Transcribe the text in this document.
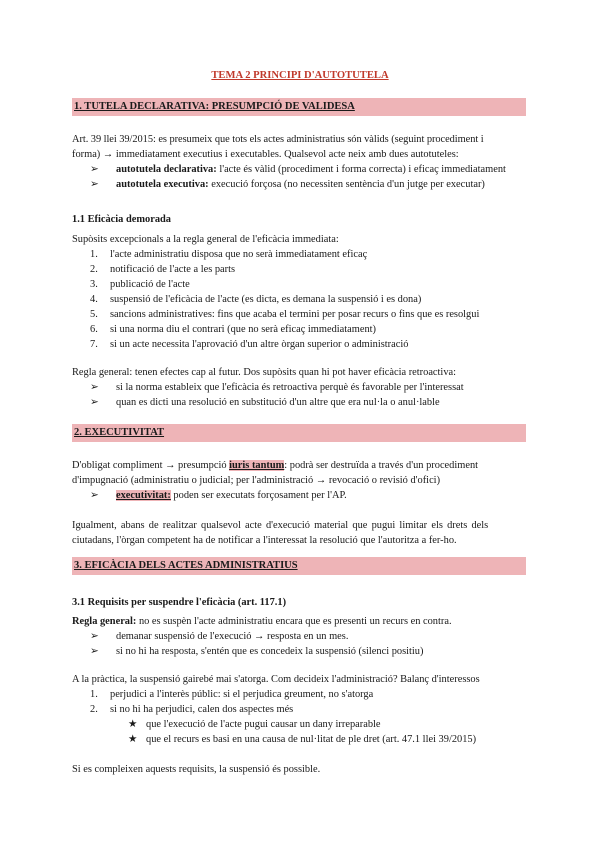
TEMA 2 PRINCIPI D'AUTOTUTELA
1. TUTELA DECLARATIVA: PRESUMPCIÓ DE VALIDESA
Art. 39 llei 39/2015: es presumeix que tots els actes administratius són vàlids (seguint procediment i
forma) → immediatament executius i executables. Qualsevol acte neix amb dues autotuteles:
➢ autotutela declarativa: l'acte és vàlid (procediment i forma correcta) i eficaç immediatament
➢ autotutela executiva: execució forçosa (no necessiten sentència d'un jutge per executar)
1.1 Eficàcia demorada
Supòsits excepcionals a la regla general de l'eficàcia immediata:
1. l'acte administratiu disposa que no serà immediatament eficaç
2. notificació de l'acte a les parts
3. publicació de l'acte
4. suspensió de l'eficàcia de l'acte (es dicta, es demana la suspensió i es dona)
5. sancions administratives: fins que acaba el termini per posar recurs o fins que es resolgui
6. si una norma diu el contrari (que no serà eficaç immediatament)
7. si un acte necessita l'aprovació d'un altre òrgan superior o administració
Regla general: tenen efectes cap al futur. Dos supòsits quan hi pot haver eficàcia retroactiva:
➢ si la norma estableix que l'eficàcia és retroactiva perquè és favorable per l'interessat
➢ quan es dicti una resolució en substitució d'un altre que era nul·la o anul·lable
2. EXECUTIVITAT
D'obligat compliment → presumpció iuris tantum: podrà ser destruïda a través d'un procediment
d'impugnació (administratiu o judicial; per l'administració → revocació o revisió d'ofici)
➢ executivitat: poden ser executats forçosament per l'AP.
Igualment, abans de realitzar qualsevol acte d'execució material que pugui limitar els drets dels
ciutadans, l'òrgan competent ha de notificar a l'interessat la resolució que l'autoritza a fer-ho.
3. EFICÀCIA DELS ACTES ADMINISTRATIUS
3.1 Requisits per suspendre l'eficàcia (art. 117.1)
Regla general: no es suspèn l'acte administratiu encara que es presenti un recurs en contra.
➢ demanar suspensió de l'execució → resposta en un mes.
➢ si no hi ha resposta, s'entén que es concedeix la suspensió (silenci positiu)
A la pràctica, la suspensió gairebé mai s'atorga. Com decideix l'administració? Balanç d'interessos
1. perjudici a l'interès públic: si el perjudica greument, no s'atorga
2. si no hi ha perjudici, calen dos aspectes més
★ que l'execució de l'acte pugui causar un dany irreparable
★ que el recurs es basi en una causa de nul·litat de ple dret (art. 47.1 llei 39/2015)
Si es compleixen aquests requisits, la suspensió és possible.
